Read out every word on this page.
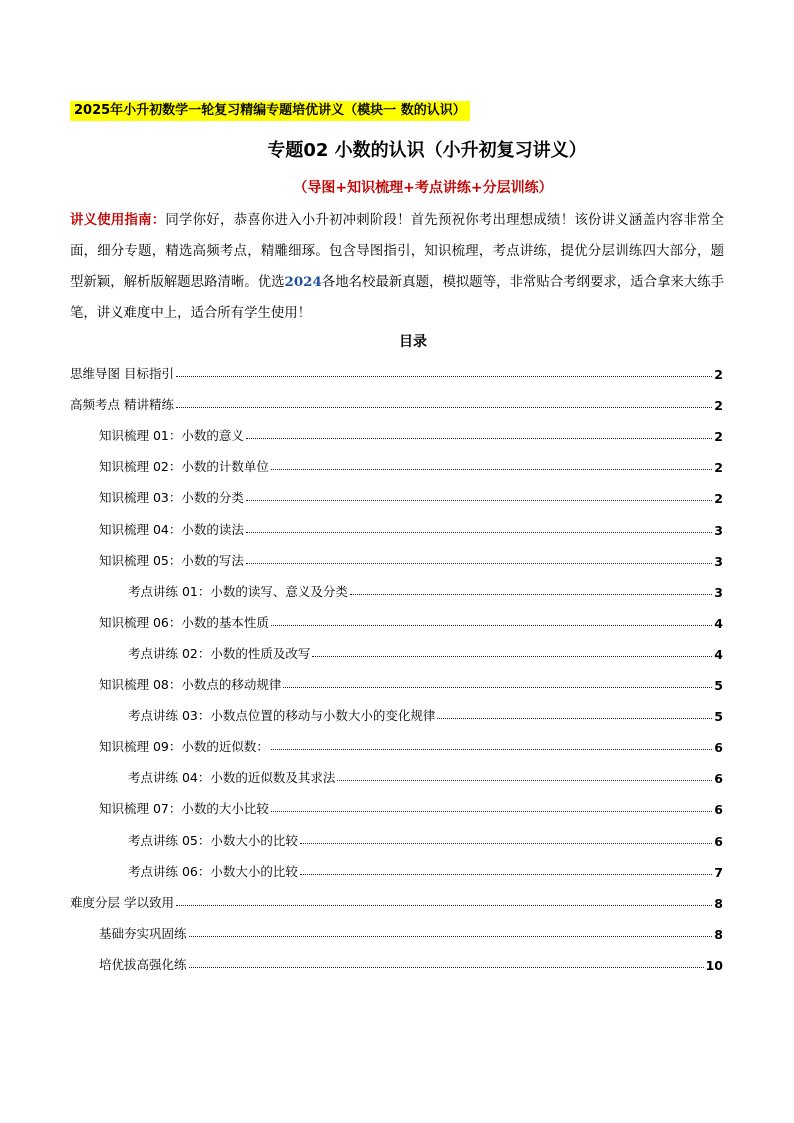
2025年小升初数学一轮复习精编专题培优讲义（模块一 数的认识）
专题02 小数的认识（小升初复习讲义）
（导图+知识梳理+考点讲练+分层训练）
讲义使用指南：同学你好，恭喜你进入小升初冲刺阶段！首先预祝你考出理想成绩！该份讲义涵盖内容非常全面，细分专题，精选高频考点，精雕细琢。包含导图指引，知识梳理，考点讲练，提优分层训练四大部分，题型新颖，解析版解题思路清晰。优选2024各地名校最新真题，模拟题等，非常贴合考纲要求，适合拿来大练手笔，讲义难度中上，适合所有学生使用！
目录
思维导图 目标指引	2
高频考点 精讲精练	2
知识梳理 01：小数的意义	2
知识梳理 02：小数的计数单位	2
知识梳理 03：小数的分类	2
知识梳理 04：小数的读法	3
知识梳理 05：小数的写法	3
考点讲练 01：小数的读写、意义及分类	3
知识梳理 06：小数的基本性质	4
考点讲练 02：小数的性质及改写	4
知识梳理 08：小数点的移动规律	5
考点讲练 03：小数点位置的移动与小数大小的变化规律	5
知识梳理 09：小数的近似数：	6
考点讲练 04：小数的近似数及其求法	6
知识梳理 07：小数的大小比较	6
考点讲练 05：小数大小的比较	6
考点讲练 06：小数大小的比较	7
难度分层 学以致用	8
基础夯实巩固练	8
培优拔高强化练	10
